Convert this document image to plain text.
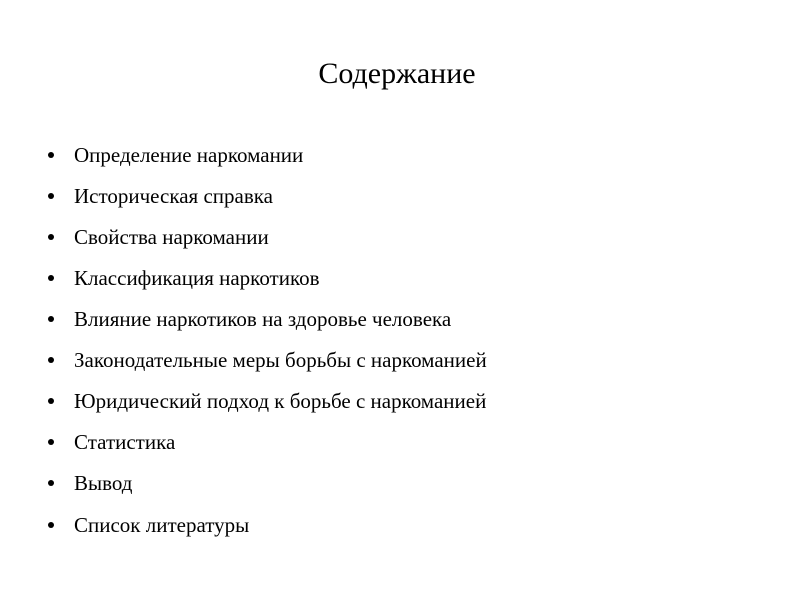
Содержание
Определение наркомании
Историческая справка
Свойства наркомании
Классификация наркотиков
Влияние наркотиков на здоровье человека
Законодательные меры борьбы с наркоманией
Юридический подход к борьбе с наркоманией
Статистика
Вывод
Список литературы
